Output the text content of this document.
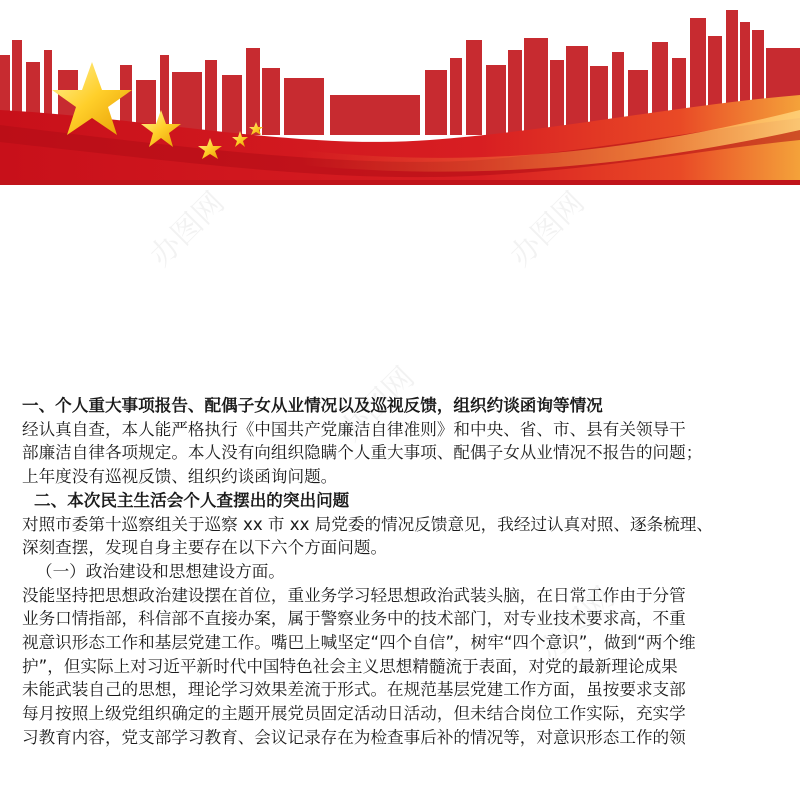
办图网	办图网
办图网
办图网

一、个人重大事项报告、配偶子女从业情况以及巡视反馈，组织约谈函询等情况

经认真自查，本人能严格执行《中国共产党廉洁自律准则》和中央、省、市、县有关领导干

部廉洁自律各项规定。本人没有向组织隐瞒个人重大事项、配偶子女从业情况不报告的问题；

上年度没有巡视反馈、组织约谈函询问题。

二、本次民主生活会个人查摆出的突出问题

对照市委第十巡察组关于巡察 xx 市 xx 局党委的情况反馈意见，我经过认真对照、逐条梳理、

深刻查摆，发现自身主要存在以下六个方面问题。

（一）政治建设和思想建设方面。

没能坚持把思想政治建设摆在首位，重业务学习轻思想政治武装头脑，在日常工作由于分管

业务口情指部，科信部不直接办案，属于警察业务中的技术部门，对专业技术要求高，不重

视意识形态工作和基层党建工作。嘴巴上喊坚定“四个自信”，树牢“四个意识”，做到“两个维

护”，但实际上对习近平新时代中国特色社会主义思想精髓流于表面，对党的最新理论成果

未能武装自己的思想，理论学习效果差流于形式。在规范基层党建工作方面，虽按要求支部

每月按照上级党组织确定的主题开展党员固定活动日活动，但未结合岗位工作实际，充实学

习教育内容，党支部学习教育、会议记录存在为检查事后补的情况等，对意识形态工作的领
